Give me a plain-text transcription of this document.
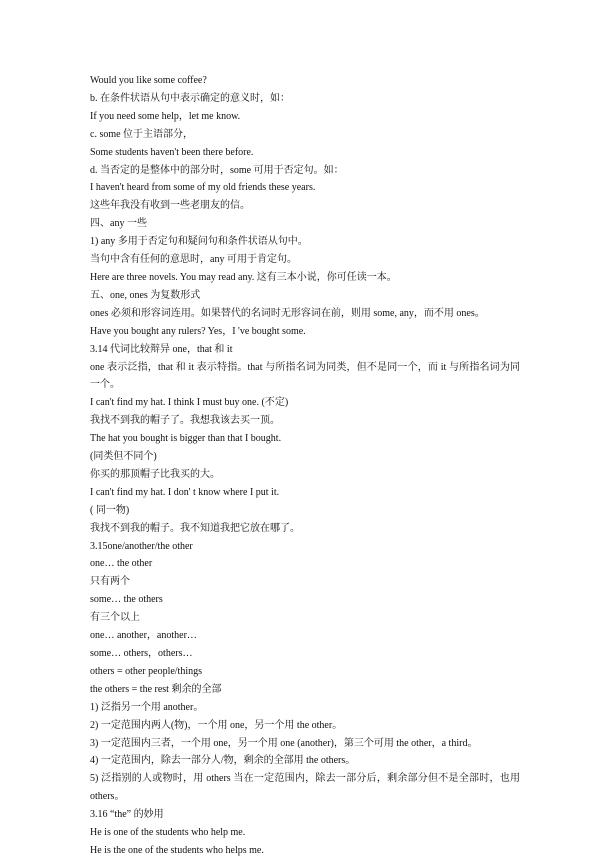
Would you like some coffee?
b. 在条件状语从句中表示确定的意义时，如：
If you need some help，let me know.
c. some 位于主语部分，
Some students haven't been there before.
d. 当否定的是整体中的部分时，some 可用于否定句。如：
I haven't heard from some of my old friends these years.
这些年我没有收到一些老朋友的信。
四、any 一些
1) any 多用于否定句和疑问句和条件状语从句中。
当句中含有任何的意思时，any 可用于肯定句。
Here are three novels. You may read any. 这有三本小说，你可任读一本。
五、one, ones 为复数形式
ones 必须和形容词连用。如果替代的名词时无形容词在前，则用 some, any，而不用 ones。
Have you bought any rulers? Yes，I 've bought some.
3.14 代词比较辩异 one，that 和 it
one 表示泛指，that 和 it 表示特指。that 与所指名词为同类，但不是同一个，而 it 与所指名词为同一个。
I can't find my hat. I think I must buy one. (不定)
我找不到我的帽子了。我想我该去买一顶。
The hat you bought is bigger than that I bought.
(同类但不同个)
你买的那顶帽子比我买的大。
I can't find my hat. I don' t know where I put it.
( 同一物)
我找不到我的帽子。我不知道我把它放在哪了。
3.15one/another/the other
one… the other
只有两个
some… the others
有三个以上
one… another，another…
some… others，others…
others = other people/things
the others = the rest 剩余的全部
1) 泛指另一个用 another。
2) 一定范围内两人(物)，一个用 one，另一个用 the other。
3) 一定范围内三者，一个用 one，另一个用 one (another)，第三个可用 the other，a third。
4) 一定范围内，除去一部分人/物，剩余的全部用 the others。
5) 泛指别的人或物时，用 others 当在一定范围内，除去一部分后，剩余部分但不是全部时，也用 others。
3.16 “the” 的妙用
He is one of the students who help me.
He is the one of the students who helps me.
